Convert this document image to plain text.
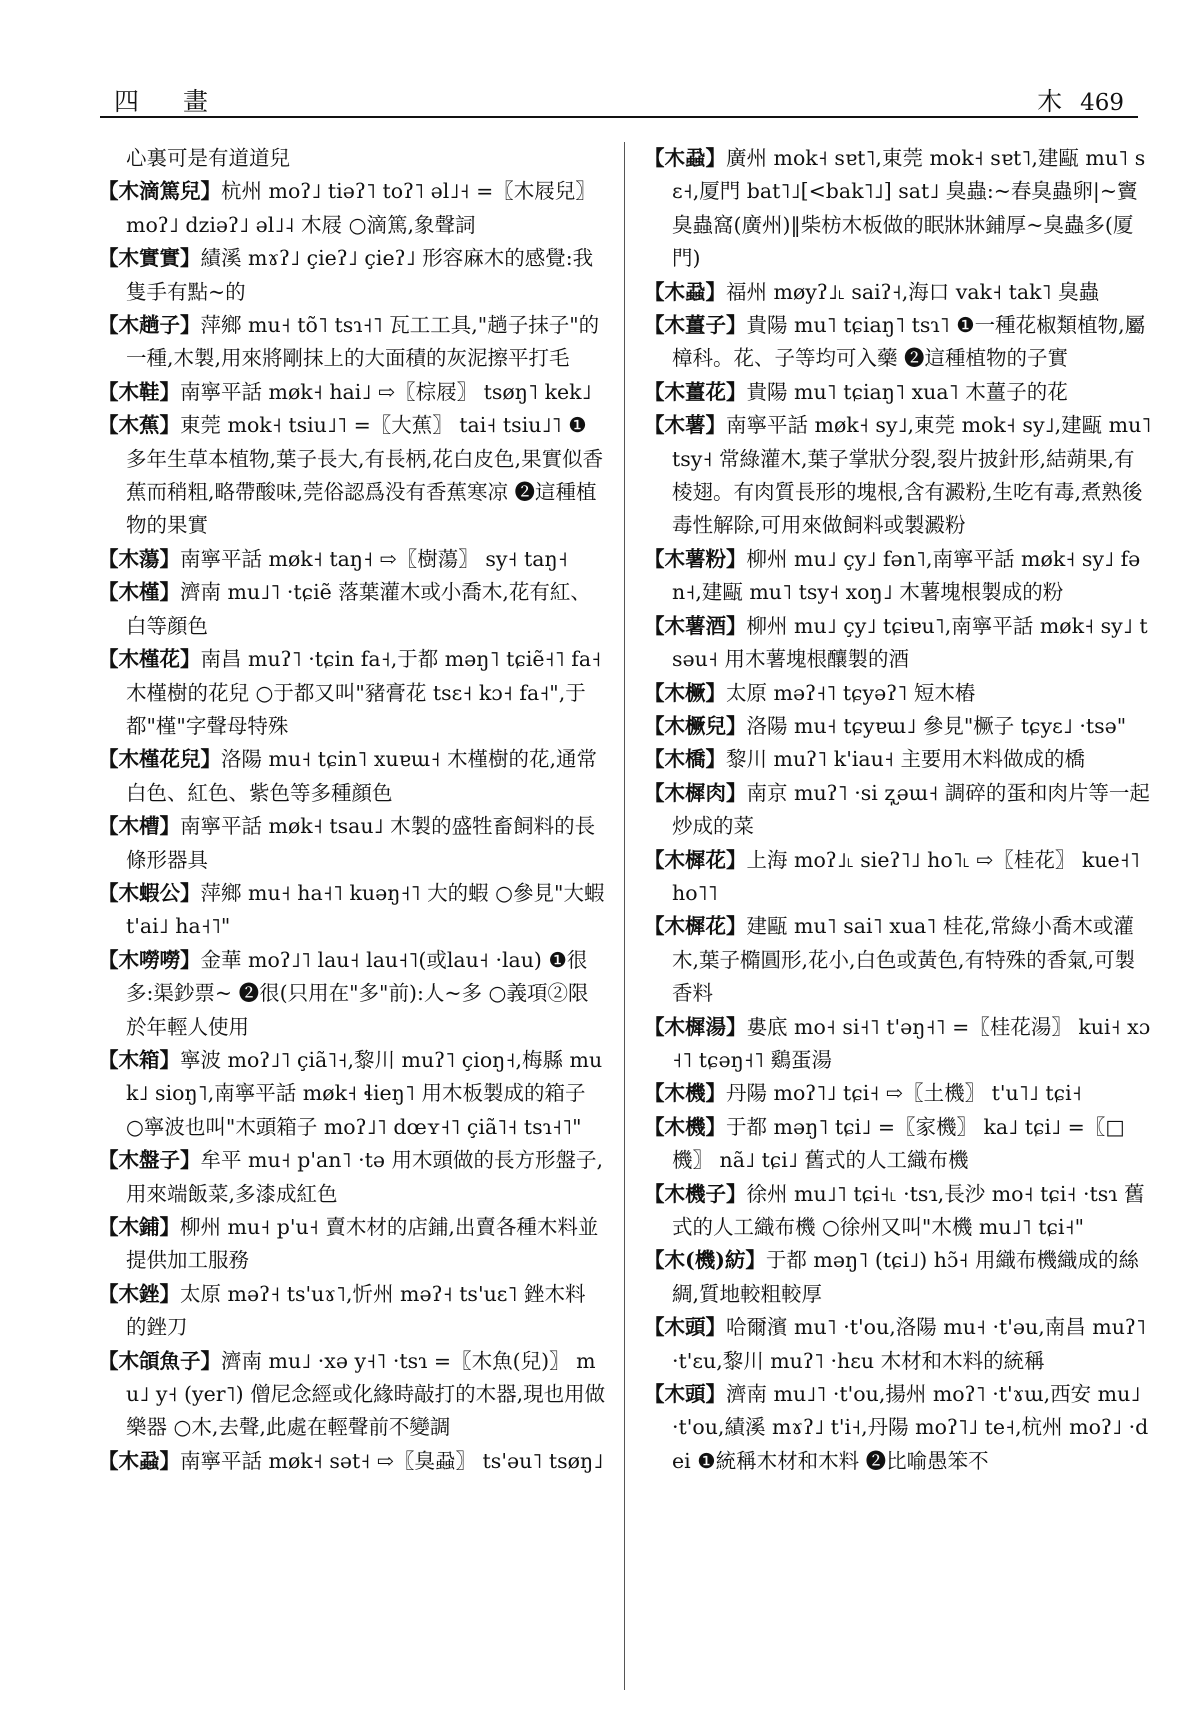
四 畫	木 469

心裏可是有道道兒

【木滴篤兒】杭州 moʔ˩ tiəʔ˥ toʔ˥ əl˩˧ =〖木屐兒〗 moʔ˩ dziəʔ˩ əl˩˨ 木屐 ○滴篤,象聲詞

【木實實】績溪 mɤʔ˩ çieʔ˩ çieʔ˩ 形容麻木的感覺:我隻手有點~的

【木趟子】萍鄉 mu˧ tõ˥ tsɿ˧˥ 瓦工工具,"趟子抹子"的一種,木製,用來將剛抹上的大面積的灰泥擦平打毛

【木鞋】南寧平話 møk˧ hai˩ ⇨〖棕屐〗 tsøŋ˥ kek˩

【木蕉】東莞 mok˧ tsiu˩˥ =〖大蕉〗 tai˧ tsiu˩˥ ❶多年生草本植物,葉子長大,有長柄,花白皮色,果實似香蕉而稍粗,略帶酸味,莞俗認爲没有香蕉寒凉 ❷這種植物的果實

【木蕩】南寧平話 møk˧ taŋ˧ ⇨〖樹蕩〗 sy˧ taŋ˧

【木槿】濟南 mu˩˥ ·tɕiẽ 落葉灌木或小喬木,花有紅、白等顔色

【木槿花】南昌 muʔ˥ ·tɕin fa˧,于都 məŋ˥ tɕiẽ˧˥ fa˧ 木槿樹的花兒 ○于都又叫"豬膏花 tsɛ˧ kɔ˧ fa˧",于都"槿"字聲母特殊

【木槿花兒】洛陽 mu˧ tɕin˥ xuɐɯ˧ 木槿樹的花,通常白色、紅色、紫色等多種顔色

【木槽】南寧平話 møk˧ tsau˩ 木製的盛牲畜飼料的長條形器具

【木蝦公】萍鄉 mu˧ ha˧˥ kuəŋ˧˥ 大的蝦 ○參見"大蝦 t'ai˩ ha˧˥"

【木嘮嘮】金華 moʔ˩˥ lau˧ lau˧˥(或lau˧ ·lau) ❶很多:渠鈔票~ ❷很(只用在"多"前):人~多 ○義項②限於年輕人使用

【木箱】寧波 moʔ˩˥ çiã˥˧,黎川 muʔ˥ çioŋ˧,梅縣 muk˩ sioŋ˥,南寧平話 møk˧ ɬieŋ˥ 用木板製成的箱子 ○寧波也叫"木頭箱子 moʔ˩˥ dœʏ˧˥ çiã˥˧ tsɿ˧˥"

【木盤子】牟平 mu˧ p'an˥ ·tə 用木頭做的長方形盤子,用來端飯菜,多漆成紅色

【木鋪】柳州 mu˧ p'u˧ 賣木材的店鋪,出賣各種木料並提供加工服務

【木銼】太原 məʔ˧ ts'uɤ˥,忻州 məʔ˧ ts'uɛ˥ 銼木料的銼刀

【木頜魚子】濟南 mu˩ ·xə y˧˥ ·tsɿ =〖木魚(兒)〗 mu˩ y˧ (yer˥) 僧尼念經或化緣時敲打的木器,現也用做樂器 ○木,去聲,此處在輕聲前不變調

【木蝨】南寧平話 møk˧ sət˧ ⇨〖臭蝨〗 ts'əu˥ tsøŋ˩

【木蝨】廣州 mok˧ sɐt˥,東莞 mok˧ sɐt˥,建甌 mu˥ sɛ˧,厦門 bat˥˩[<bak˥˩] sat˩ 臭蟲:~春臭蟲卵|~竇臭蟲窩(廣州)‖柴枋木板做的眠牀牀鋪厚~臭蟲多(厦門)

【木蝨】福州 møyʔ˩˪ saiʔ˧,海口 vak˧ tak˥ 臭蟲

【木薑子】貴陽 mu˥ tɕiaŋ˥ tsɿ˥ ❶一種花椒類植物,屬樟科。花、子等均可入藥 ❷這種植物的子實

【木薑花】貴陽 mu˥ tɕiaŋ˥ xua˥ 木薑子的花

【木薯】南寧平話 møk˧ sy˩,東莞 mok˧ sy˩,建甌 mu˥ tsy˧ 常綠灌木,葉子掌狀分裂,裂片披針形,結蒴果,有棱翅。有肉質長形的塊根,含有澱粉,生吃有毒,煮熟後毒性解除,可用來做飼料或製澱粉

【木薯粉】柳州 mu˩ çy˩ fən˥,南寧平話 møk˧ sy˩ fən˧,建甌 mu˥ tsy˧ xoŋ˩ 木薯塊根製成的粉

【木薯酒】柳州 mu˩ çy˩ tɕiɐu˥,南寧平話 møk˧ sy˩ tsəu˧ 用木薯塊根釀製的酒

【木橛】太原 məʔ˧˥ tɕyəʔ˥ 短木樁

【木橛兒】洛陽 mu˧ tɕyɐɯ˩ 參見"橛子 tɕyɛ˩ ·tsə"

【木橋】黎川 muʔ˥ k'iau˧ 主要用木料做成的橋

【木樨肉】南京 muʔ˥ ·si ʐ̩əɯ˧ 調碎的蛋和肉片等一起炒成的菜

【木樨花】上海 moʔ˩˪ sieʔ˥˩ ho˥˪ ⇨〖桂花〗 kue˧˥ ho˥˥

【木樨花】建甌 mu˥ sai˥ xua˥ 桂花,常綠小喬木或灌木,葉子橢圓形,花小,白色或黃色,有特殊的香氣,可製香料

【木樨湯】婁底 mo˧ si˧˥ t'əŋ˧˥ =〖桂花湯〗 kui˧ xɔ˧˥ tɕəŋ˧˥ 鷄蛋湯

【木機】丹陽 moʔ˥˩ tɕi˧ ⇨〖土機〗 t'u˥˩ tɕi˧

【木機】于都 məŋ˥ tɕi˩ =〖家機〗 ka˩ tɕi˩ =〖□機〗 nã˩ tɕi˩ 舊式的人工織布機

【木機子】徐州 mu˩˥ tɕi˧˪ ·tsɿ,長沙 mo˧ tɕi˧ ·tsɿ 舊式的人工織布機 ○徐州又叫"木機 mu˩˥ tɕi˧"

【木(機)紡】于都 məŋ˥ (tɕi˩) hɔ̃˧ 用織布機織成的絲綢,質地較粗較厚

【木頭】哈爾濱 mu˥ ·t'ou,洛陽 mu˧ ·t'əu,南昌 muʔ˥ ·t'ɛu,黎川 muʔ˥ ·hɛu 木材和木料的統稱

【木頭】濟南 mu˩˥ ·t'ou,揚州 moʔ˥ ·t'ɤɯ,西安 mu˩ ·t'ou,績溪 mɤʔ˩ t'i˧,丹陽 moʔ˥˩ te˧,杭州 moʔ˩ ·dei ❶統稱木材和木料 ❷比喻愚笨不
